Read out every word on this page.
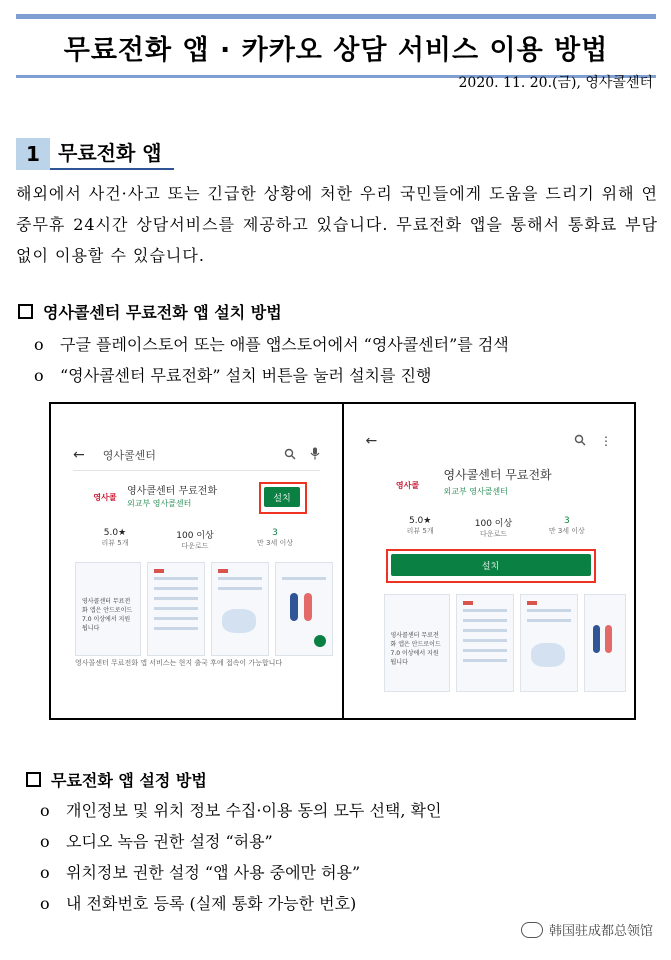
무료전화 앱 · 카카오 상담 서비스 이용 방법
2020. 11. 20.(금), 영사콜센터
1 무료전화 앱
해외에서 사건·사고 또는 긴급한 상황에 처한 우리 국민들에게 도움을 드리기 위해 연중무휴 24시간 상담서비스를 제공하고 있습니다. 무료전화 앱을 통해서 통화료 부담 없이 이용할 수 있습니다.
영사콜센터 무료전화 앱 설치 방법
o	구글 플레이스토어 또는 애플 앱스토어에서 “영사콜센터”를 검색
o	“영사콜센터 무료전화” 설치 버튼을 눌러 설치를 진행
← 영사콜센터
영사콜	영사콜센터 무료전화
외교부 영사콜센터	설치
5.0★
리뷰 5개
100 이상
다운로드
3
만 3세 이상
영사콜센터 무료전화 앱은 안드로이드 7.0 이상에서 지원됩니다
영사콜센터 무료전화 앱 서비스는 현지 출국 후에 접속이 가능합니다
←	⋮
영사콜
영사콜센터 무료전화
외교부 영사콜센터
5.0★
리뷰 5개
100 이상
다운로드
3
만 3세 이상
설치
영사콜센터 무료전화 앱은 안드로이드 7.0 이상에서 지원됩니다
무료전화 앱 설정 방법
o	개인정보 및 위치 정보 수집·이용 동의 모두 선택, 확인
o	오디오 녹음 권한 설정 “허용”
o	위치정보 권한 설정 “앱 사용 중에만 허용”
o	내 전화번호 등록 (실제 통화 가능한 번호)
韩国驻成都总领馆
